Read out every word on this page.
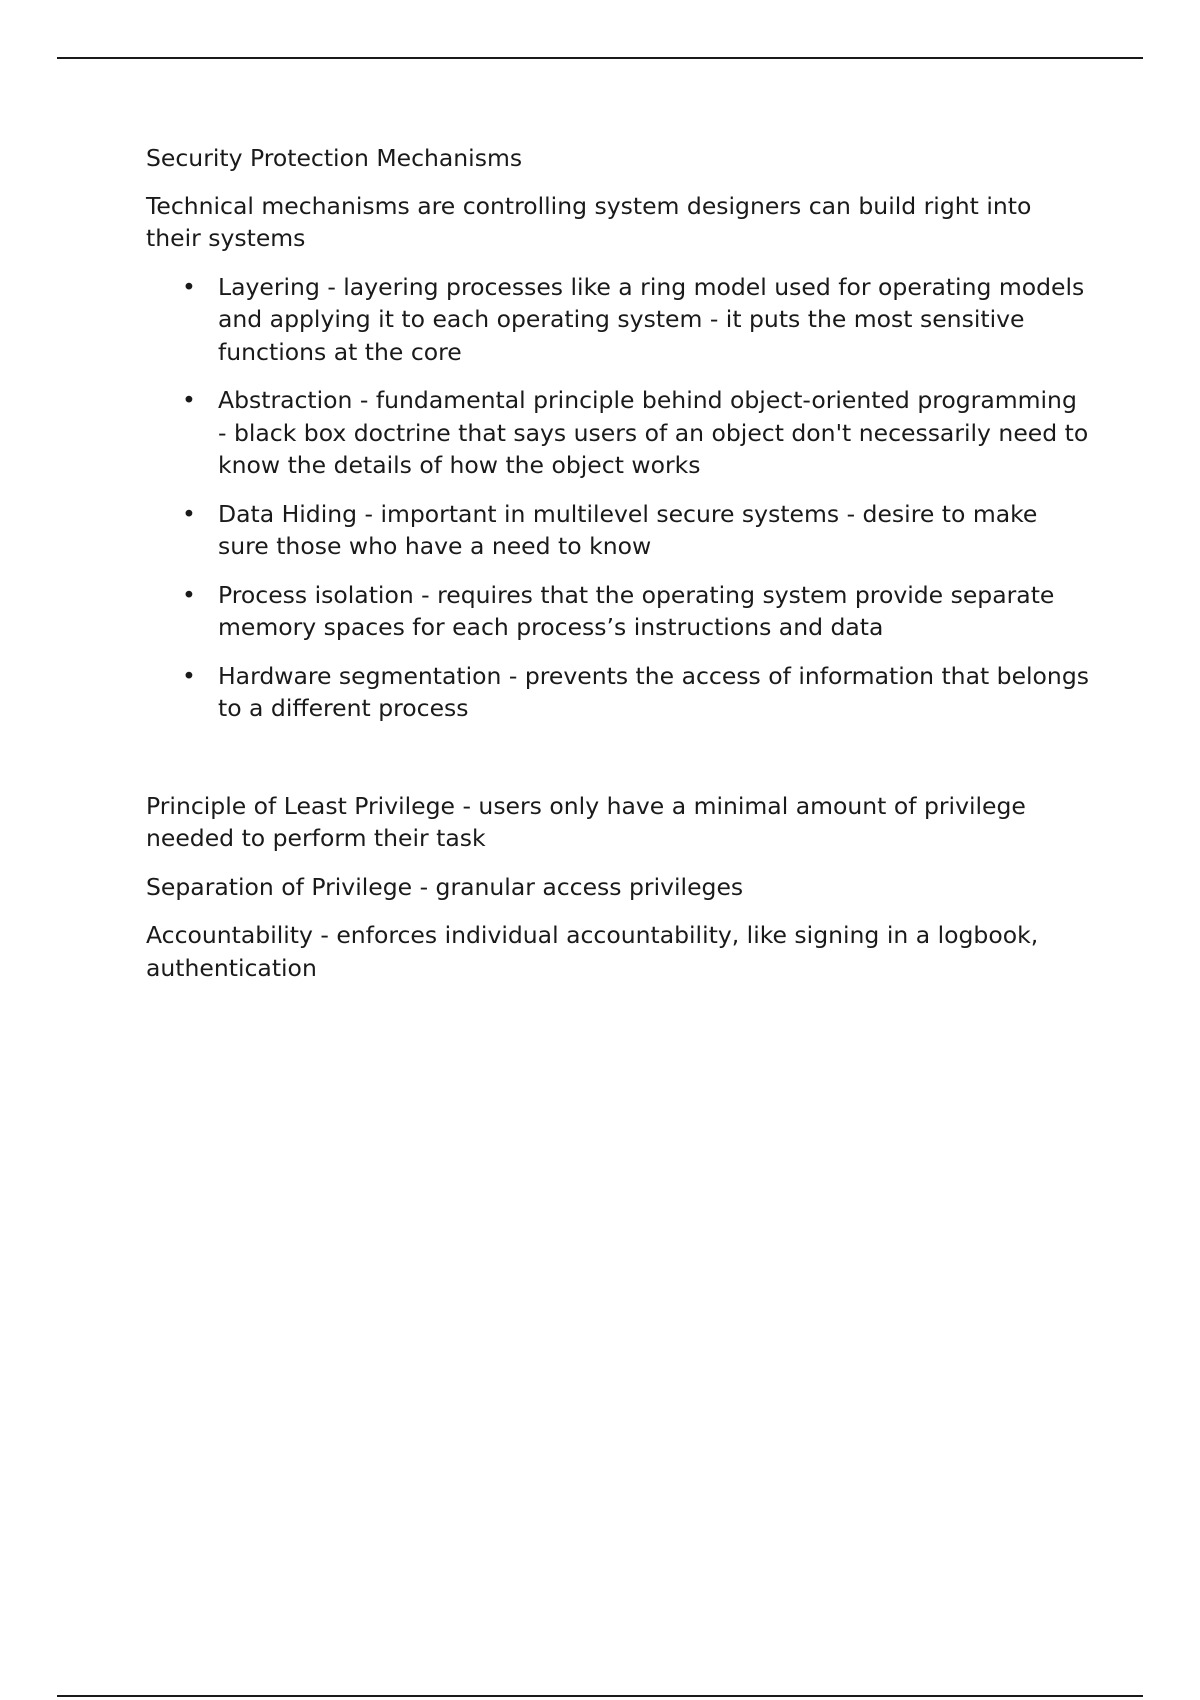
Security Protection Mechanisms

Technical mechanisms are controlling system designers can build right into their systems

• Layering - layering processes like a ring model used for operating models and applying it to each operating system - it puts the most sensitive functions at the core
• Abstraction - fundamental principle behind object-oriented programming - black box doctrine that says users of an object don't necessarily need to know the details of how the object works
• Data Hiding - important in multilevel secure systems - desire to make sure those who have a need to know
• Process isolation - requires that the operating system provide separate memory spaces for each process’s instructions and data
• Hardware segmentation - prevents the access of information that belongs to a different process

Principle of Least Privilege - users only have a minimal amount of privilege needed to perform their task

Separation of Privilege - granular access privileges

Accountability - enforces individual accountability, like signing in a logbook, authentication
